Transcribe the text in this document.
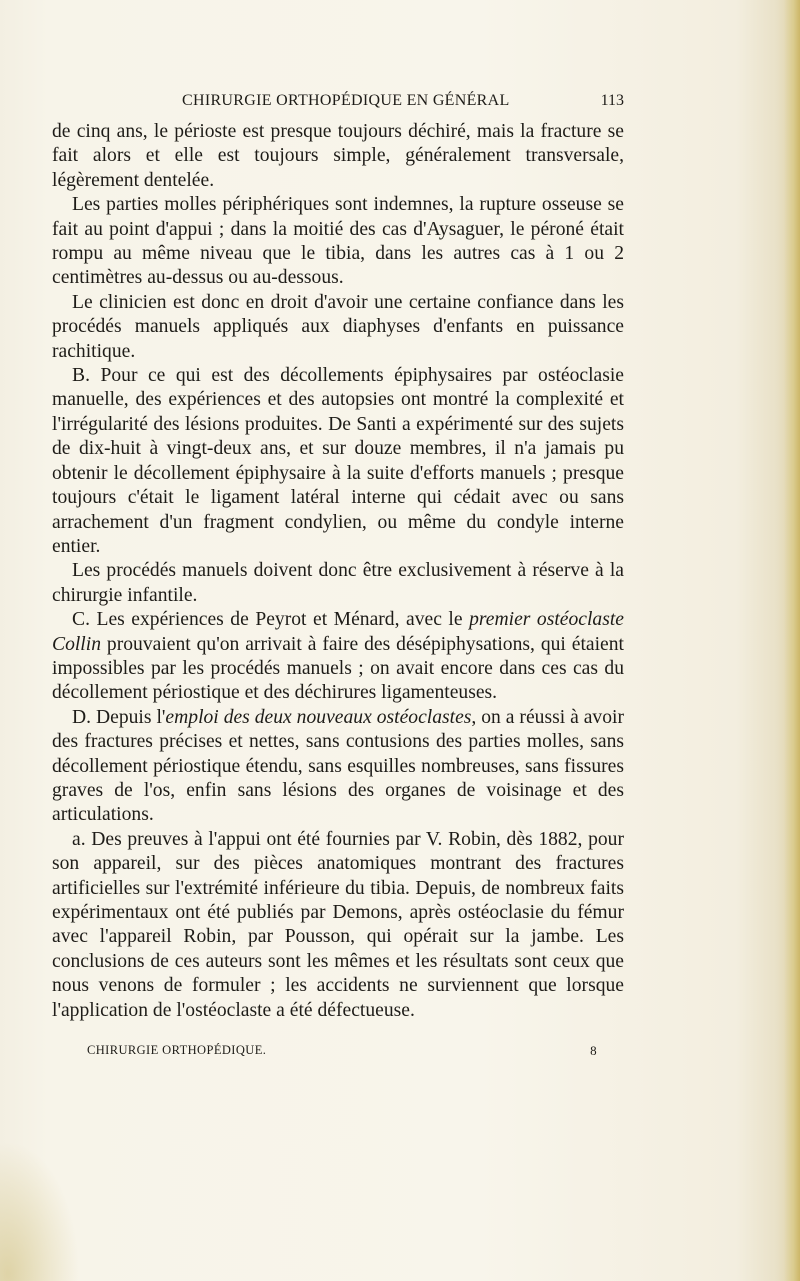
CHIRURGIE ORTHOPÉDIQUE EN GÉNÉRAL	113

de cinq ans, le périoste est presque toujours déchiré, mais la fracture se fait alors et elle est toujours simple, généralement transversale, légèrement dentelée.

Les parties molles périphériques sont indemnes, la rupture osseuse se fait au point d'appui ; dans la moitié des cas d'Aysaguer, le péroné était rompu au même niveau que le tibia, dans les autres cas à 1 ou 2 centimètres au-dessus ou au-dessous.

Le clinicien est donc en droit d'avoir une certaine confiance dans les procédés manuels appliqués aux diaphyses d'enfants en puissance rachitique.

B. Pour ce qui est des décollements épiphysaires par ostéoclasie manuelle, des expériences et des autopsies ont montré la complexité et l'irrégularité des lésions produites. De Santi a expérimenté sur des sujets de dix-huit à vingt-deux ans, et sur douze membres, il n'a jamais pu obtenir le décollement épiphysaire à la suite d'efforts manuels ; presque toujours c'était le ligament latéral interne qui cédait avec ou sans arrachement d'un fragment condylien, ou même du condyle interne entier.

Les procédés manuels doivent donc être exclusivement à réserve à la chirurgie infantile.

C. Les expériences de Peyrot et Ménard, avec le premier ostéoclaste Collin prouvaient qu'on arrivait à faire des désépiphysations, qui étaient impossibles par les procédés manuels ; on avait encore dans ces cas du décollement périostique et des déchirures ligamenteuses.

D. Depuis l'emploi des deux nouveaux ostéoclastes, on a réussi à avoir des fractures précises et nettes, sans contusions des parties molles, sans décollement périostique étendu, sans esquilles nombreuses, sans fissures graves de l'os, enfin sans lésions des organes de voisinage et des articulations.

a. Des preuves à l'appui ont été fournies par V. Robin, dès 1882, pour son appareil, sur des pièces anatomiques montrant des fractures artificielles sur l'extrémité inférieure du tibia. Depuis, de nombreux faits expérimentaux ont été publiés par Demons, après ostéoclasie du fémur avec l'appareil Robin, par Pousson, qui opérait sur la jambe. Les conclusions de ces auteurs sont les mêmes et les résultats sont ceux que nous venons de formuler ; les accidents ne surviennent que lorsque l'application de l'ostéoclaste a été défectueuse.

CHIRURGIE ORTHOPÉDIQUE.	8
